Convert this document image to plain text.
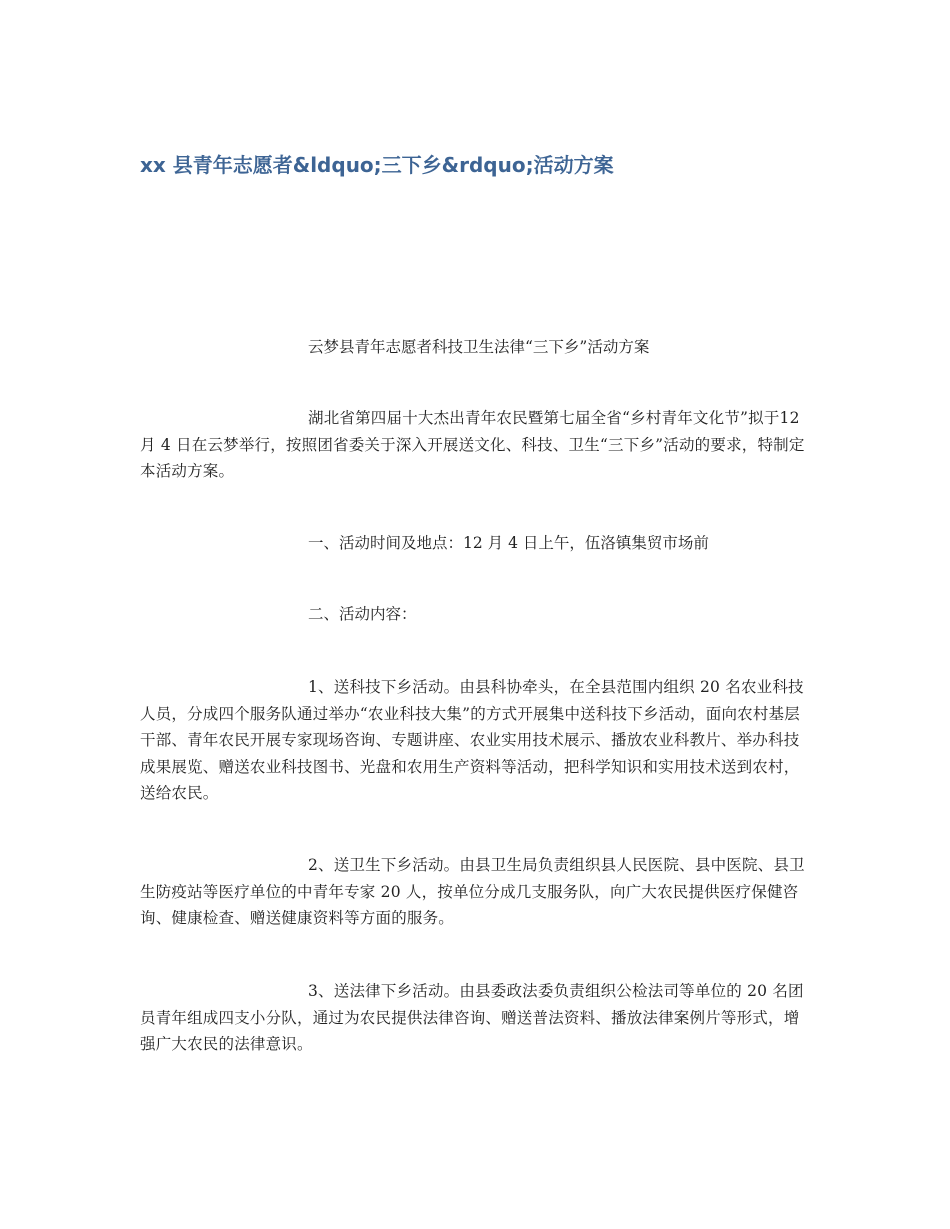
xx 县青年志愿者&ldquo;三下乡&rdquo;活动方案
云梦县青年志愿者科技卫生法律“三下乡”活动方案
湖北省第四届十大杰出青年农民暨第七届全省“乡村青年文化节”拟于12 月 4 日在云梦举行，按照团省委关于深入开展送文化、科技、卫生“三下乡”活动的要求，特制定本活动方案。
一、活动时间及地点：12 月 4 日上午，伍洛镇集贸市场前
二、活动内容：
1、送科技下乡活动。由县科协牵头，在全县范围内组织 20 名农业科技人员，分成四个服务队通过举办“农业科技大集”的方式开展集中送科技下乡活动，面向农村基层干部、青年农民开展专家现场咨询、专题讲座、农业实用技术展示、播放农业科教片、举办科技成果展览、赠送农业科技图书、光盘和农用生产资料等活动，把科学知识和实用技术送到农村，送给农民。
2、送卫生下乡活动。由县卫生局负责组织县人民医院、县中医院、县卫生防疫站等医疗单位的中青年专家 20 人，按单位分成几支服务队，向广大农民提供医疗保健咨询、健康检查、赠送健康资料等方面的服务。
3、送法律下乡活动。由县委政法委负责组织公检法司等单位的 20 名团员青年组成四支小分队，通过为农民提供法律咨询、赠送普法资料、播放法律案例片等形式，增强广大农民的法律意识。
